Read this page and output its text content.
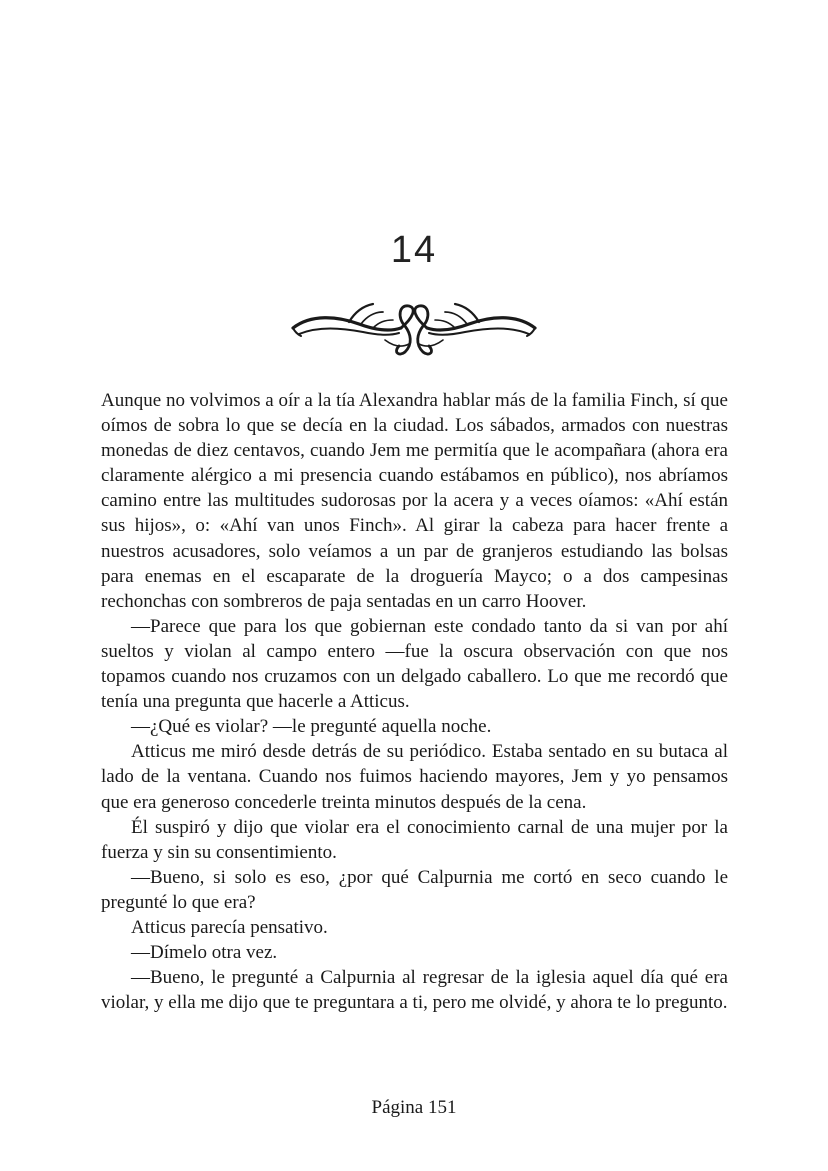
14

Aunque no volvimos a oír a la tía Alexandra hablar más de la familia Finch, sí que oímos de sobra lo que se decía en la ciudad. Los sábados, armados con nuestras monedas de diez centavos, cuando Jem me permitía que le acompañara (ahora era claramente alérgico a mi presencia cuando estábamos en público), nos abríamos camino entre las multitudes sudorosas por la acera y a veces oíamos: «Ahí están sus hijos», o: «Ahí van unos Finch». Al girar la cabeza para hacer frente a nuestros acusadores, solo veíamos a un par de granjeros estudiando las bolsas para enemas en el escaparate de la droguería Mayco; o a dos campesinas rechonchas con sombreros de paja sentadas en un carro Hoover.

—Parece que para los que gobiernan este condado tanto da si van por ahí sueltos y violan al campo entero —fue la oscura observación con que nos topamos cuando nos cruzamos con un delgado caballero. Lo que me recordó que tenía una pregunta que hacerle a Atticus.

—¿Qué es violar? —le pregunté aquella noche.

Atticus me miró desde detrás de su periódico. Estaba sentado en su butaca al lado de la ventana. Cuando nos fuimos haciendo mayores, Jem y yo pensamos que era generoso concederle treinta minutos después de la cena.

Él suspiró y dijo que violar era el conocimiento carnal de una mujer por la fuerza y sin su consentimiento.

—Bueno, si solo es eso, ¿por qué Calpurnia me cortó en seco cuando le pregunté lo que era?

Atticus parecía pensativo.

—Dímelo otra vez.

—Bueno, le pregunté a Calpurnia al regresar de la iglesia aquel día qué era violar, y ella me dijo que te preguntara a ti, pero me olvidé, y ahora te lo pregunto.

Página 151
